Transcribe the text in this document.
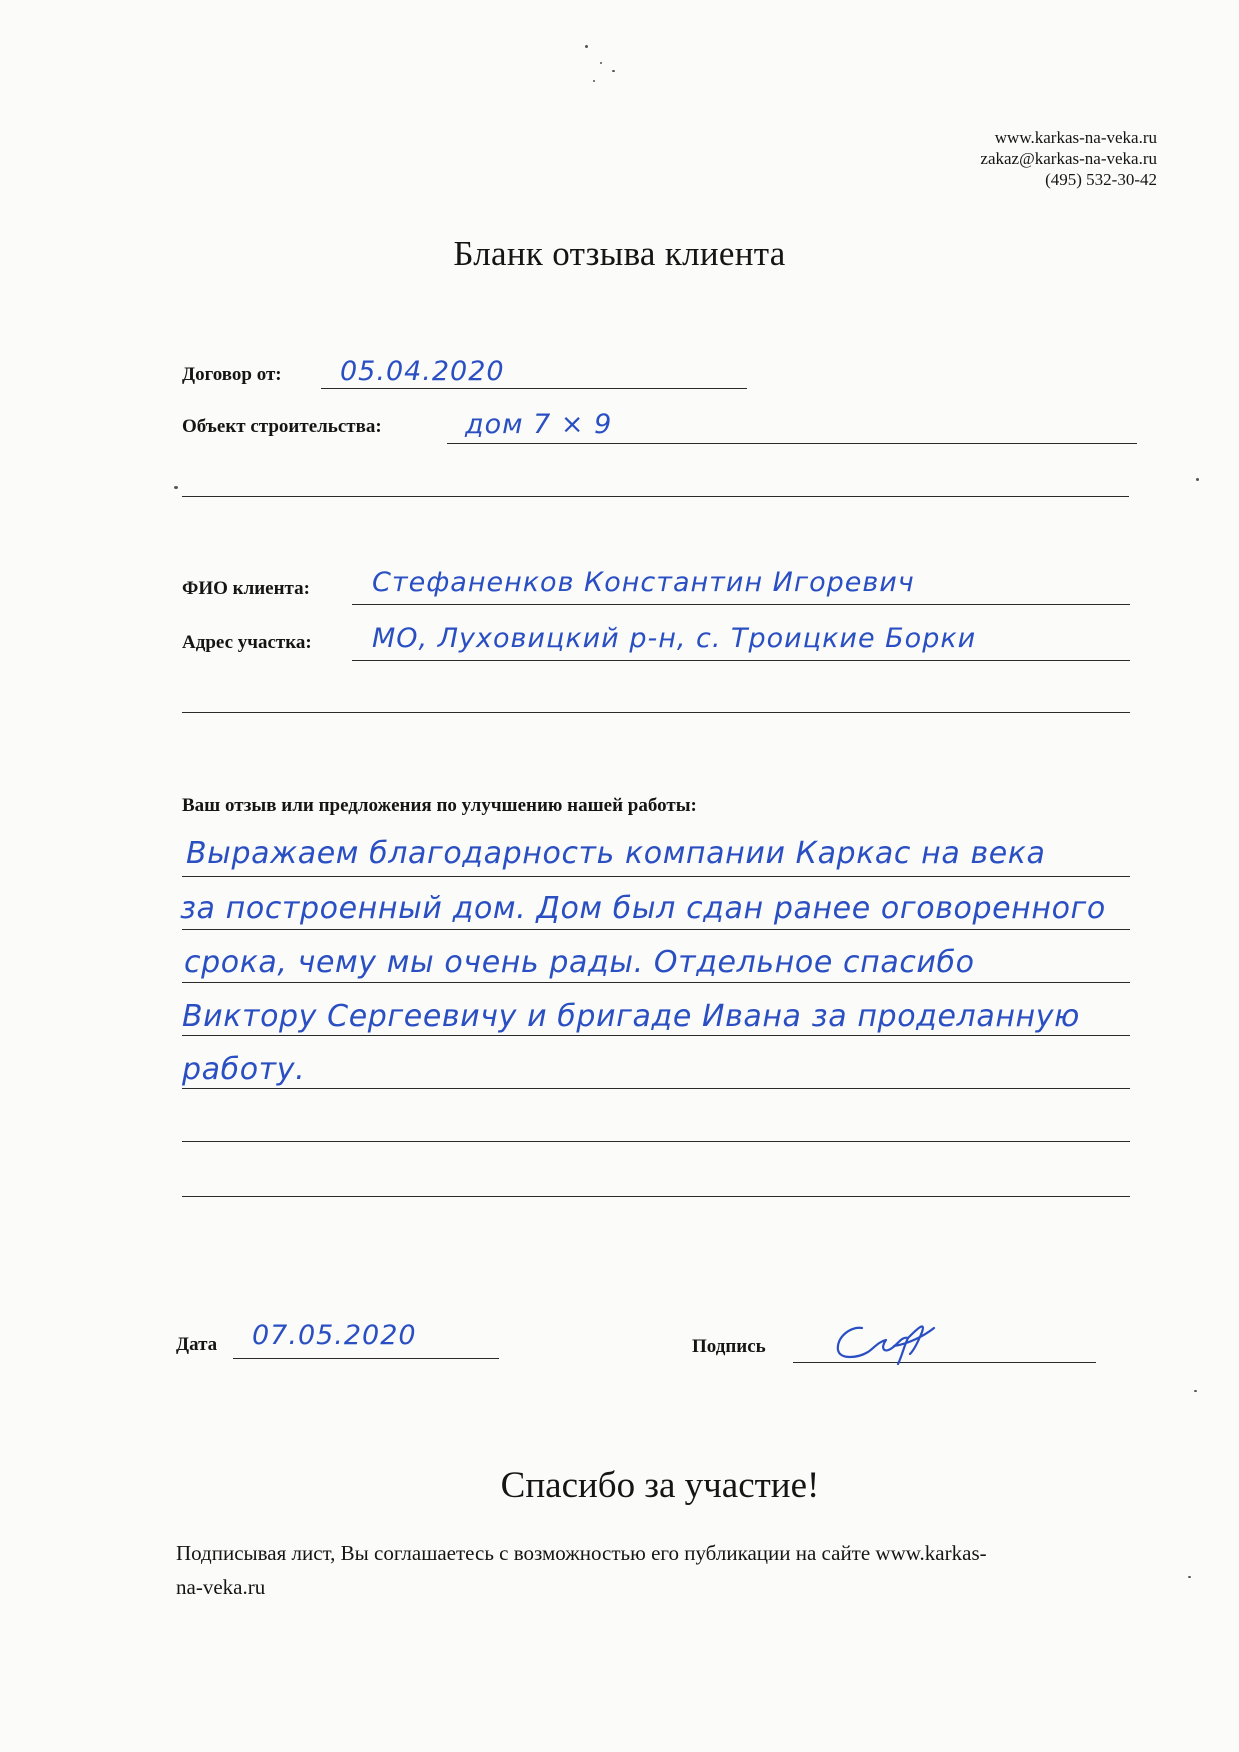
www.karkas-na-veka.ru
zakaz@karkas-na-veka.ru
(495) 532-30-42
Бланк отзыва клиента
Договор от: 05.04.2020
Объект строительства:	дом 7 × 9
ФИО клиента: Стефаненков Константин Игоревич
Адрес участка: МО, Луховицкий р-н, с. Троицкие Борки
Ваш отзыв или предложения по улучшению нашей работы:
Выражаем благодарность компании Каркас на века
за построенный дом. Дом был сдан ранее оговоренного
срока, чему мы очень рады. Отдельное спасибо
Виктору Сергеевичу и бригаде Ивана за проделанную
работу.
Дата 07.05.2020	Подпись
Спасибо за участие!
Подписывая лист, Вы соглашаетесь с возможностью его публикации на сайте www.karkas-
na-veka.ru
